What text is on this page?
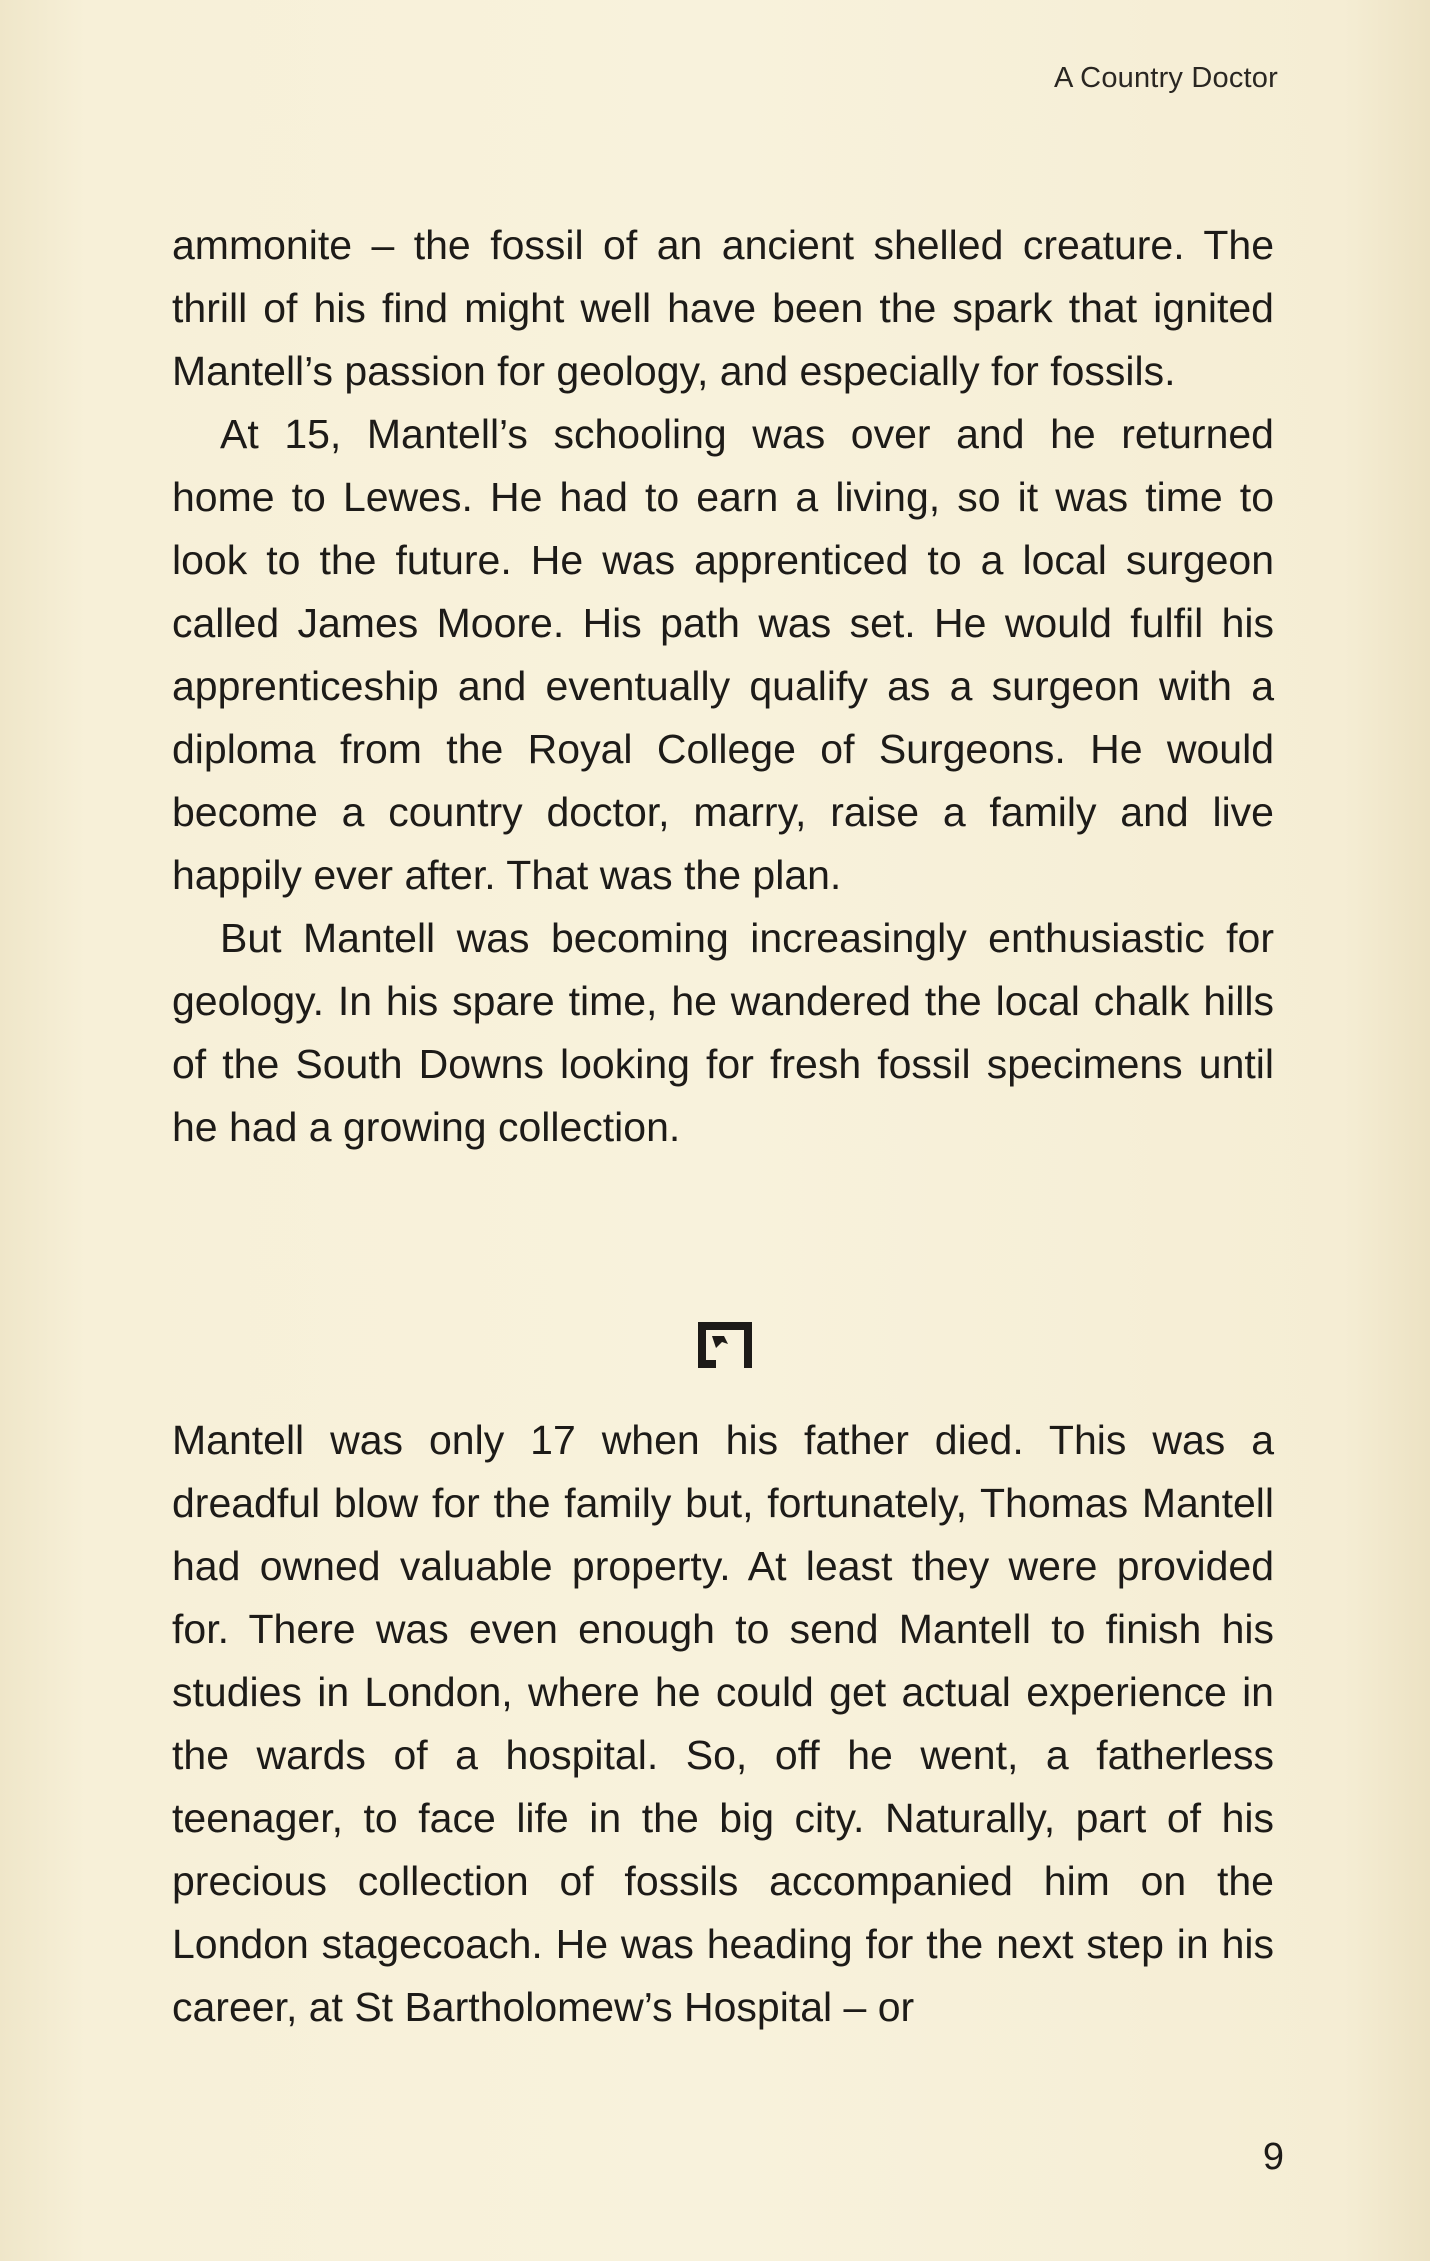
A Country Doctor

ammonite – the fossil of an ancient shelled creature. The thrill of his find might well have been the spark that ignited Mantell’s passion for geology, and especially for fossils.

At 15, Mantell’s schooling was over and he returned home to Lewes. He had to earn a living, so it was time to look to the future. He was apprenticed to a local surgeon called James Moore. His path was set. He would fulfil his apprenticeship and eventually qualify as a surgeon with a diploma from the Royal College of Surgeons. He would become a country doctor, marry, raise a family and live happily ever after. That was the plan.

But Mantell was becoming increasingly enthusiastic for geology. In his spare time, he wandered the local chalk hills of the South Downs looking for fresh fossil specimens until he had a growing collection.

Mantell was only 17 when his father died. This was a dreadful blow for the family but, fortunately, Thomas Mantell had owned valuable property. At least they were provided for. There was even enough to send Mantell to finish his studies in London, where he could get actual experience in the wards of a hospital. So, off he went, a fatherless teenager, to face life in the big city. Naturally, part of his precious collection of fossils accompanied him on the London stagecoach. He was heading for the next step in his career, at St Bartholomew’s Hospital – or

9
